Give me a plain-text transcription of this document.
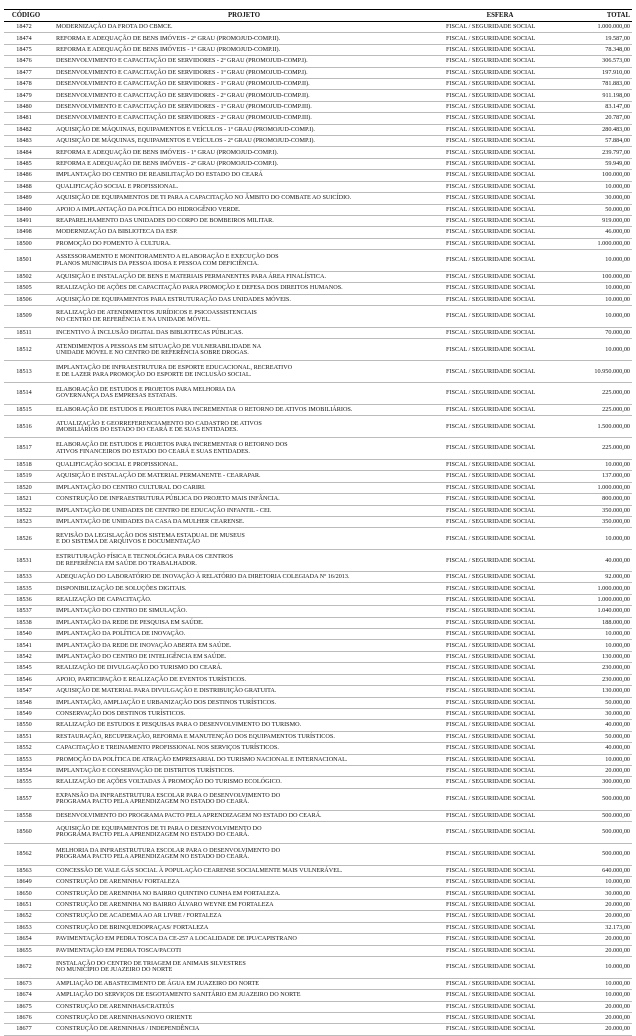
CÓDIGO	PROJETO	ESFERA	TOTAL
18472	MODERNIZAÇÃO DA FROTA DO CBMCE.	FISCAL / SEGURIDADE SOCIAL	1.000.000,00
18474	REFORMA E ADEQUAÇÃO DE BENS IMÓVEIS - 2º GRAU (PROMOJUD-COMP.II).	FISCAL / SEGURIDADE SOCIAL	19.587,00
18475	REFORMA E ADEQUAÇÃO DE BENS IMÓVEIS - 1º GRAU (PROMOJUD-COMP.II).	FISCAL / SEGURIDADE SOCIAL	78.348,00
18476	DESENVOLVIMENTO E CAPACITAÇÃO DE SERVIDORES - 2º GRAU (PROMOJUD-COMP.I).	FISCAL / SEGURIDADE SOCIAL	306.573,00
18477	DESENVOLVIMENTO E CAPACITAÇÃO DE SERVIDORES - 1º GRAU (PROMOJUD-COMP.I).	FISCAL / SEGURIDADE SOCIAL	197.910,00
18478	DESENVOLVIMENTO E CAPACITAÇÃO DE SERVIDORES - 1º GRAU (PROMOJUD-COMP.II).	FISCAL / SEGURIDADE SOCIAL	781.883,00
18479	DESENVOLVIMENTO E CAPACITAÇÃO DE SERVIDORES - 2º GRAU (PROMOJUD-COMP.II).	FISCAL / SEGURIDADE SOCIAL	911.198,00
18480	DESENVOLVIMENTO E CAPACITAÇÃO DE SERVIDORES - 1º GRAU (PROMOJUD-COMP.III).	FISCAL / SEGURIDADE SOCIAL	83.147,00
18481	DESENVOLVIMENTO E CAPACITAÇÃO DE SERVIDORES - 2º GRAU (PROMOJUD-COMP.III).	FISCAL / SEGURIDADE SOCIAL	20.787,00
18482	AQUISIÇÃO DE MÁQUINAS, EQUIPAMENTOS E VEÍCULOS - 1º GRAU (PROMOJUD-COMP.I).	FISCAL / SEGURIDADE SOCIAL	280.483,00
18483	AQUISIÇÃO DE MÁQUINAS, EQUIPAMENTOS E VEÍCULOS - 2º GRAU (PROMOJUD-COMP.I).	FISCAL / SEGURIDADE SOCIAL	57.884,00
18484	REFORMA E ADEQUAÇÃO DE BENS IMÓVEIS - 1º GRAU (PROMOJUD-COMP.I).	FISCAL / SEGURIDADE SOCIAL	239.797,00
18485	REFORMA E ADEQUAÇÃO DE BENS IMÓVEIS - 2º GRAU (PROMOJUD-COMP.I).	FISCAL / SEGURIDADE SOCIAL	59.949,00
18486	IMPLANTAÇÃO DO CENTRO DE REABILITAÇÃO DO ESTADO DO CEARÁ	FISCAL / SEGURIDADE SOCIAL	100.000,00
18488	QUALIFICAÇÃO SOCIAL E PROFISSIONAL.	FISCAL / SEGURIDADE SOCIAL	10.000,00
18489	AQUISIÇÃO DE EQUIPAMENTOS DE TI PARA A CAPACITAÇÃO NO ÂMBITO DO COMBATE AO SUICÍDIO.	FISCAL / SEGURIDADE SOCIAL	30.000,00
18490	APOIO A IMPLANTAÇÃO DA POLÍTICA DO HIDROGÊNIO VERDE.	FISCAL / SEGURIDADE SOCIAL	50.000,00
18491	REAPARELHAMENTO DAS UNIDADES DO CORPO DE BOMBEIROS MILITAR.	FISCAL / SEGURIDADE SOCIAL	919.000,00
18498	MODERNIZAÇÃO DA BIBLIOTECA DA ESP.	FISCAL / SEGURIDADE SOCIAL	46.000,00
18500	PROMOÇÃO DO FOMENTO À CULTURA.	FISCAL / SEGURIDADE SOCIAL	1.000.000,00
18501	ASSESSORAMENTO E MONITORAMENTO A ELABORAÇÃO E EXECUÇÃO DOS
PLANOS MUNICIPAIS DA PESSOA IDOSA E PESSOA COM DEFICIÊNCIA.	FISCAL / SEGURIDADE SOCIAL	10.000,00
18502	AQUISIÇÃO E INSTALAÇÃO DE BENS E MATERIAIS PERMANENTES PARA ÁREA FINALÍSTICA.	FISCAL / SEGURIDADE SOCIAL	100.000,00
18505	REALIZAÇÃO DE AÇÕES DE CAPACITAÇÃO PARA PROMOÇÃO E DEFESA DOS DIREITOS HUMANOS.	FISCAL / SEGURIDADE SOCIAL	10.000,00
18506	AQUISIÇÃO DE EQUIPAMENTOS PARA ESTRUTURAÇÃO DAS UNIDADES MÓVEIS.	FISCAL / SEGURIDADE SOCIAL	10.000,00
18509	REALIZAÇÃO DE ATENDIMENTOS JURÍDICOS E PSICOASSISTENCIAIS
NO CENTRO DE REFERÊNCIA E NA UNIDADE MÓVEL.	FISCAL / SEGURIDADE SOCIAL	10.000,00
18511	INCENTIVO À INCLUSÃO DIGITAL DAS BIBLIOTECAS PÚBLICAS.	FISCAL / SEGURIDADE SOCIAL	70.000,00
18512	ATENDIMENTOS A PESSOAS EM SITUAÇÃO DE VULNERABILIDADE NA
UNIDADE MÓVEL E NO CENTRO DE REFERÊNCIA SOBRE DROGAS.	FISCAL / SEGURIDADE SOCIAL	10.000,00
18513	IMPLANTAÇÃO DE INFRAESTRUTURA DE ESPORTE EDUCACIONAL, RECREATIVO
E DE LAZER PARA PROMOÇÃO DO ESPORTE DE INCLUSÃO SOCIAL.	FISCAL / SEGURIDADE SOCIAL	10.950.000,00
18514	ELABORAÇÃO DE ESTUDOS E PROJETOS PARA MELHORIA DA
GOVERNANÇA DAS EMPRESAS ESTATAIS.	FISCAL / SEGURIDADE SOCIAL	225.000,00
18515	ELABORAÇÃO DE ESTUDOS E PROJETOS PARA INCREMENTAR O RETORNO DE ATIVOS IMOBILIÁRIOS.	FISCAL / SEGURIDADE SOCIAL	225.000,00
18516	ATUALIZAÇÃO E GEORREFERENCIAMENTO DO CADASTRO DE ATIVOS
IMOBILIÁRIOS DO ESTADO DO CEARÁ E DE SUAS ENTIDADES.	FISCAL / SEGURIDADE SOCIAL	1.500.000,00
18517	ELABORAÇÃO DE ESTUDOS E PROJETOS PARA INCREMENTAR O RETORNO DOS
ATIVOS FINANCEIROS DO ESTADO DO CEARÁ E SUAS ENTIDADES.	FISCAL / SEGURIDADE SOCIAL	225.000,00
18518	QUALIFICAÇÃO SOCIAL E PROFISSIONAL.	FISCAL / SEGURIDADE SOCIAL	10.000,00
18519	AQUISIÇÃO E INSTALAÇÃO DE MATERIAL PERMANENTE - CEARAPAR.	FISCAL / SEGURIDADE SOCIAL	137.000,00
18520	IMPLANTAÇÃO DO CENTRO CULTURAL DO CARIRI.	FISCAL / SEGURIDADE SOCIAL	1.000.000,00
18521	CONSTRUÇÃO DE INFRAESTRUTURA PÚBLICA DO PROJETO MAIS INFÂNCIA.	FISCAL / SEGURIDADE SOCIAL	800.000,00
18522	IMPLANTAÇÃO DE UNIDADES DE CENTRO DE EDUCAÇÃO INFANTIL - CEI.	FISCAL / SEGURIDADE SOCIAL	350.000,00
18523	IMPLANTAÇÃO DE UNIDADES DA CASA DA MULHER CEARENSE.	FISCAL / SEGURIDADE SOCIAL	350.000,00
18526	REVISÃO DA LEGISLAÇÃO DOS SISTEMA ESTADUAL DE MUSEUS
E DO SISTEMA DE ARQUIVOS E DOCUMENTAÇÃO	FISCAL / SEGURIDADE SOCIAL	10.000,00
18531	ESTRUTURAÇÃO FÍSICA E TECNOLÓGICA PARA OS CENTROS
DE REFERÊNCIA EM SAÚDE DO TRABALHADOR.	FISCAL / SEGURIDADE SOCIAL	40.000,00
18533	ADEQUAÇÃO DO LABORATÓRIO DE INOVAÇÃO À RELATÓRIO DA DIRETORIA COLEGIADA Nº 16/2013.	FISCAL / SEGURIDADE SOCIAL	92.000,00
18535	DISPONIBILIZAÇÃO DE SOLUÇÕES DIGITAIS.	FISCAL / SEGURIDADE SOCIAL	1.000.000,00
18536	REALIZAÇÃO DE CAPACITAÇÃO.	FISCAL / SEGURIDADE SOCIAL	1.000.000,00
18537	IMPLANTAÇÃO DO CENTRO DE SIMULAÇÃO.	FISCAL / SEGURIDADE SOCIAL	1.040.000,00
18538	IMPLANTAÇÃO DA REDE DE PESQUISA EM SAÚDE.	FISCAL / SEGURIDADE SOCIAL	188.000,00
18540	IMPLANTAÇÃO DA POLÍTICA DE INOVAÇÃO.	FISCAL / SEGURIDADE SOCIAL	10.000,00
18541	IMPLANTAÇÃO DA REDE DE INOVAÇÃO ABERTA EM SAÚDE.	FISCAL / SEGURIDADE SOCIAL	10.000,00
18542	IMPLANTAÇÃO DO CENTRO DE INTELIGÊNCIA EM SAÚDE.	FISCAL / SEGURIDADE SOCIAL	130.000,00
18545	REALIZAÇÃO DE DIVULGAÇÃO DO TURISMO DO CEARÁ.	FISCAL / SEGURIDADE SOCIAL	230.000,00
18546	APOIO, PARTICIPAÇÃO E REALIZAÇÃO DE EVENTOS TURÍSTICOS.	FISCAL / SEGURIDADE SOCIAL	230.000,00
18547	AQUISIÇÃO DE MATERIAL PARA DIVULGAÇÃO E DISTRIBUIÇÃO GRATUITA.	FISCAL / SEGURIDADE SOCIAL	130.000,00
18548	IMPLANTAÇÃO, AMPLIAÇÃO E URBANIZAÇÃO DOS DESTINOS TURÍSTICOS.	FISCAL / SEGURIDADE SOCIAL	50.000,00
18549	CONSERVAÇÃO DOS DESTINOS TURÍSTICOS.	FISCAL / SEGURIDADE SOCIAL	30.000,00
18550	REALIZAÇÃO DE ESTUDOS E PESQUISAS PARA O DESENVOLVIMENTO DO TURISMO.	FISCAL / SEGURIDADE SOCIAL	40.000,00
18551	RESTAURAÇÃO, RECUPERAÇÃO, REFORMA E MANUTENÇÃO DOS EQUIPAMENTOS TURÍSTICOS.	FISCAL / SEGURIDADE SOCIAL	50.000,00
18552	CAPACITAÇÃO E TREINAMENTO PROFISSIONAL NOS SERVIÇOS TURÍSTICOS.	FISCAL / SEGURIDADE SOCIAL	40.000,00
18553	PROMOÇÃO DA POLÍTICA DE ATRAÇÃO EMPRESARIAL DO TURISMO NACIONAL E INTERNACIONAL.	FISCAL / SEGURIDADE SOCIAL	10.000,00
18554	IMPLANTAÇÃO E CONSERVAÇÃO DE DISTRITOS TURÍSTICOS.	FISCAL / SEGURIDADE SOCIAL	20.000,00
18555	REALIZAÇÃO DE AÇÕES VOLTADAS À PROMOÇÃO DO TURISMO ECOLÓGICO.	FISCAL / SEGURIDADE SOCIAL	300.000,00
18557	EXPANSÃO DA INFRAESTRUTURA ESCOLAR PARA O DESENVOLVIMENTO DO
PROGRAMA PACTO PELA APRENDIZAGEM NO ESTADO DO CEARÁ.	FISCAL / SEGURIDADE SOCIAL	500.000,00
18558	DESENVOLVIMENTO DO PROGRAMA PACTO PELA APRENDIZAGEM NO ESTADO DO CEARÁ.	FISCAL / SEGURIDADE SOCIAL	500.000,00
18560	AQUISIÇÃO DE EQUIPAMENTOS DE TI PARA O DESENVOLVIMENTO DO
PROGRAMA PACTO PELA APRENDIZAGEM NO ESTADO DO CEARÁ.	FISCAL / SEGURIDADE SOCIAL	500.000,00
18562	MELHORIA DA INFRAESTRUTURA ESCOLAR PARA O DESENVOLVIMENTO DO
PROGRAMA PACTO PELA APRENDIZAGEM NO ESTADO DO CEARÁ.	FISCAL / SEGURIDADE SOCIAL	500.000,00
18563	CONCESSÃO DE VALE GÁS SOCIAL À POPULAÇÃO CEARENSE SOCIALMENTE MAIS VULNERÁVEL.	FISCAL / SEGURIDADE SOCIAL	640.000,00
18649	CONSTRUÇÃO DE ARENINHA/ FORTALEZA	FISCAL / SEGURIDADE SOCIAL	10.000,00
18650	CONSTRUÇÃO DE ARENINHA NO BAIRRO QUINTINO CUNHA EM FORTALEZA.	FISCAL / SEGURIDADE SOCIAL	30.000,00
18651	CONSTRUÇÃO DE ARENINHA NO BAIRRO ÁLVARO WEYNE EM FORTALEZA	FISCAL / SEGURIDADE SOCIAL	20.000,00
18652	CONSTRUÇÃO DE ACADEMIA AO AR LIVRE / FORTALEZA	FISCAL / SEGURIDADE SOCIAL	20.000,00
18653	CONSTRUÇÃO DE BRINQUEDOPRAÇAS/ FORTALEZA	FISCAL / SEGURIDADE SOCIAL	32.173,00
18654	PAVIMENTAÇÃO EM PEDRA TOSCA DA CE-257 A LOCALIDADE DE IPU/CAPISTRANO	FISCAL / SEGURIDADE SOCIAL	20.000,00
18655	PAVIMENTAÇÃO EM PEDRA TOSCA/PACOTI	FISCAL / SEGURIDADE SOCIAL	20.000,00
18672	INSTALAÇÃO DO CENTRO DE TRIAGEM DE ANIMAIS SILVESTRES
NO MUNICÍPIO DE JUAZEIRO DO NORTE	FISCAL / SEGURIDADE SOCIAL	10.000,00
18673	AMPLIAÇÃO DE ABASTECIMENTO DE ÁGUA EM JUAZEIRO DO NORTE	FISCAL / SEGURIDADE SOCIAL	10.000,00
18674	AMPLIAÇÃO DO SERVIÇOS DE ESGOTAMENTO SANITÁRIO EM JUAZEIRO DO NORTE	FISCAL / SEGURIDADE SOCIAL	10.000,00
18675	CONSTRUÇÃO DE ARENINHAS/CRATEÚS	FISCAL / SEGURIDADE SOCIAL	20.000,00
18676	CONSTRUÇÃO DE ARENINHAS/NOVO ORIENTE	FISCAL / SEGURIDADE SOCIAL	20.000,00
18677	CONSTRUÇÃO DE ARENINHAS / INDEPENDÊNCIA	FISCAL / SEGURIDADE SOCIAL	20.000,00
